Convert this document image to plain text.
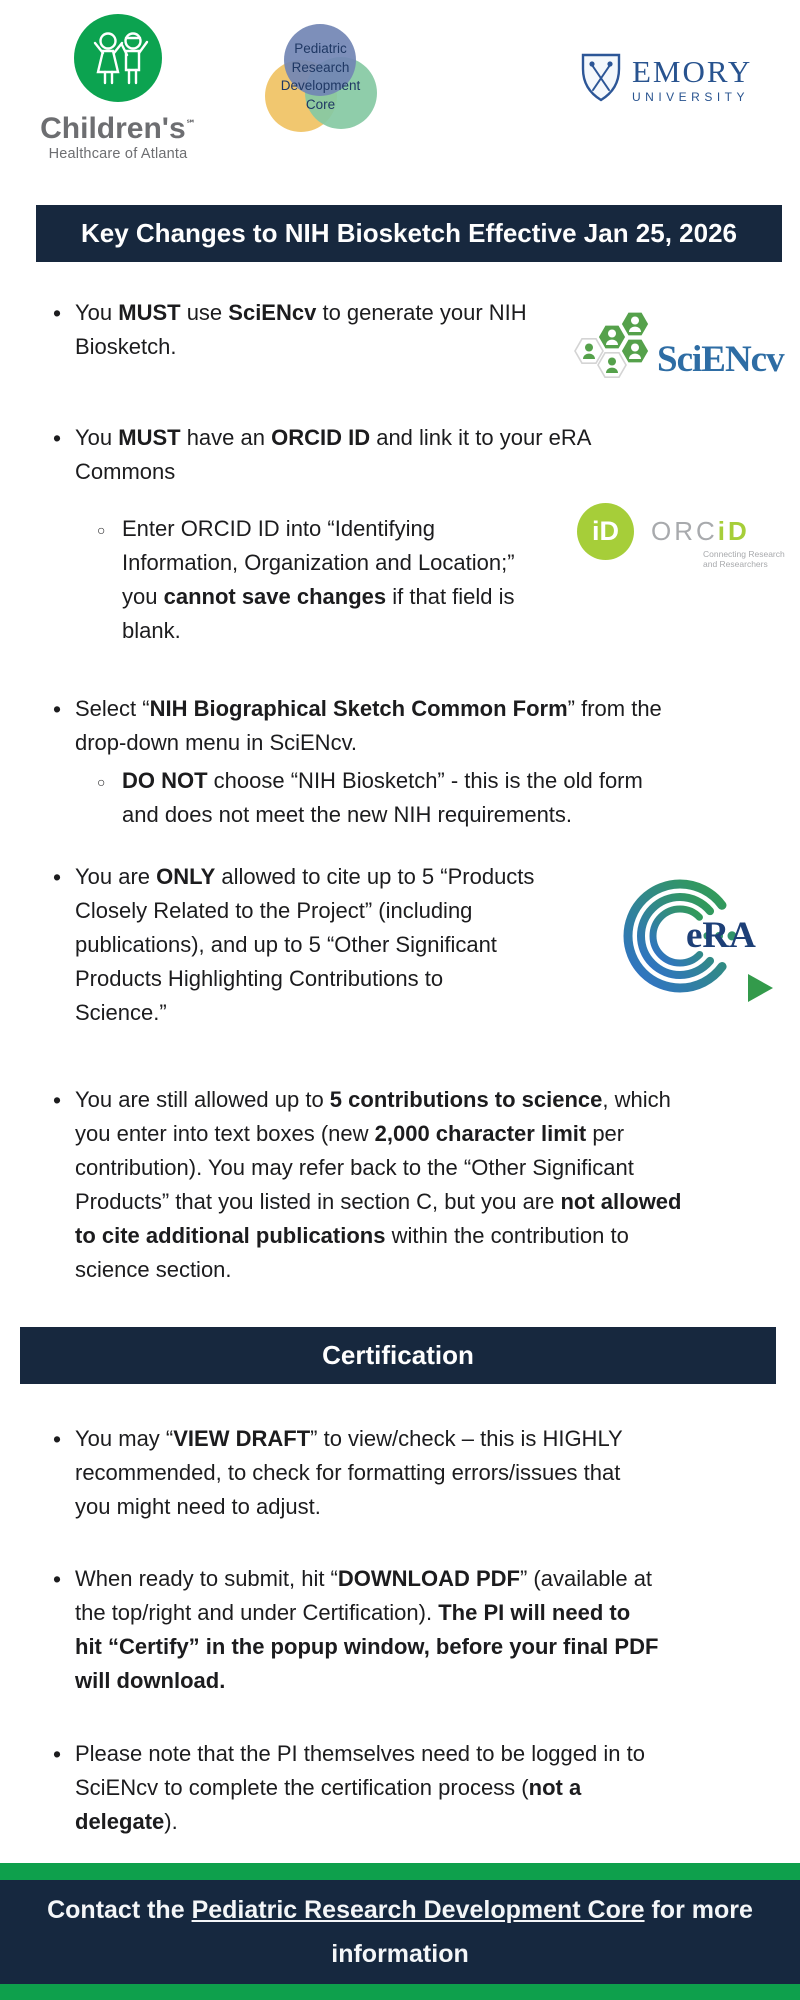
Children's℠
Healthcare of Atlanta
Pediatric
Research
Development
Core
EMORY
UNIVERSITY
Key Changes to NIH Biosketch Effective Jan 25, 2026
Certification
• You MUST use SciENcv to generate your NIH
Biosketch.
• You MUST have an ORCID ID and link it to your eRA
Commons
○ Enter ORCID ID into “Identifying
Information, Organization and Location;”
you cannot save changes if that field is
blank.
• Select “NIH Biographical Sketch Common Form” from the
drop-down menu in SciENcv.
○ DO NOT choose “NIH Biosketch” - this is the old form
and does not meet the new NIH requirements.
• You are ONLY allowed to cite up to 5 “Products
Closely Related to the Project” (including
publications), and up to 5 “Other Significant
Products Highlighting Contributions to
Science.”
• You are still allowed up to 5 contributions to science, which
you enter into text boxes (new 2,000 character limit per
contribution). You may refer back to the “Other Significant
Products” that you listed in section C, but you are not allowed
to cite additional publications within the contribution to
science section.
• You may “VIEW DRAFT” to view/check – this is HIGHLY
recommended, to check for formatting errors/issues that
you might need to adjust.
• When ready to submit, hit “DOWNLOAD PDF” (available at
the top/right and under Certification). The PI will need to
hit “Certify” in the popup window, before your final PDF
will download.
• Please note that the PI themselves need to be logged in to
SciENcv to complete the certification process (not a
delegate).
SciENcv
iD	ORCiD
Connecting Research
and Researchers
eRA
Contact the Pediatric Research Development Core for more information
